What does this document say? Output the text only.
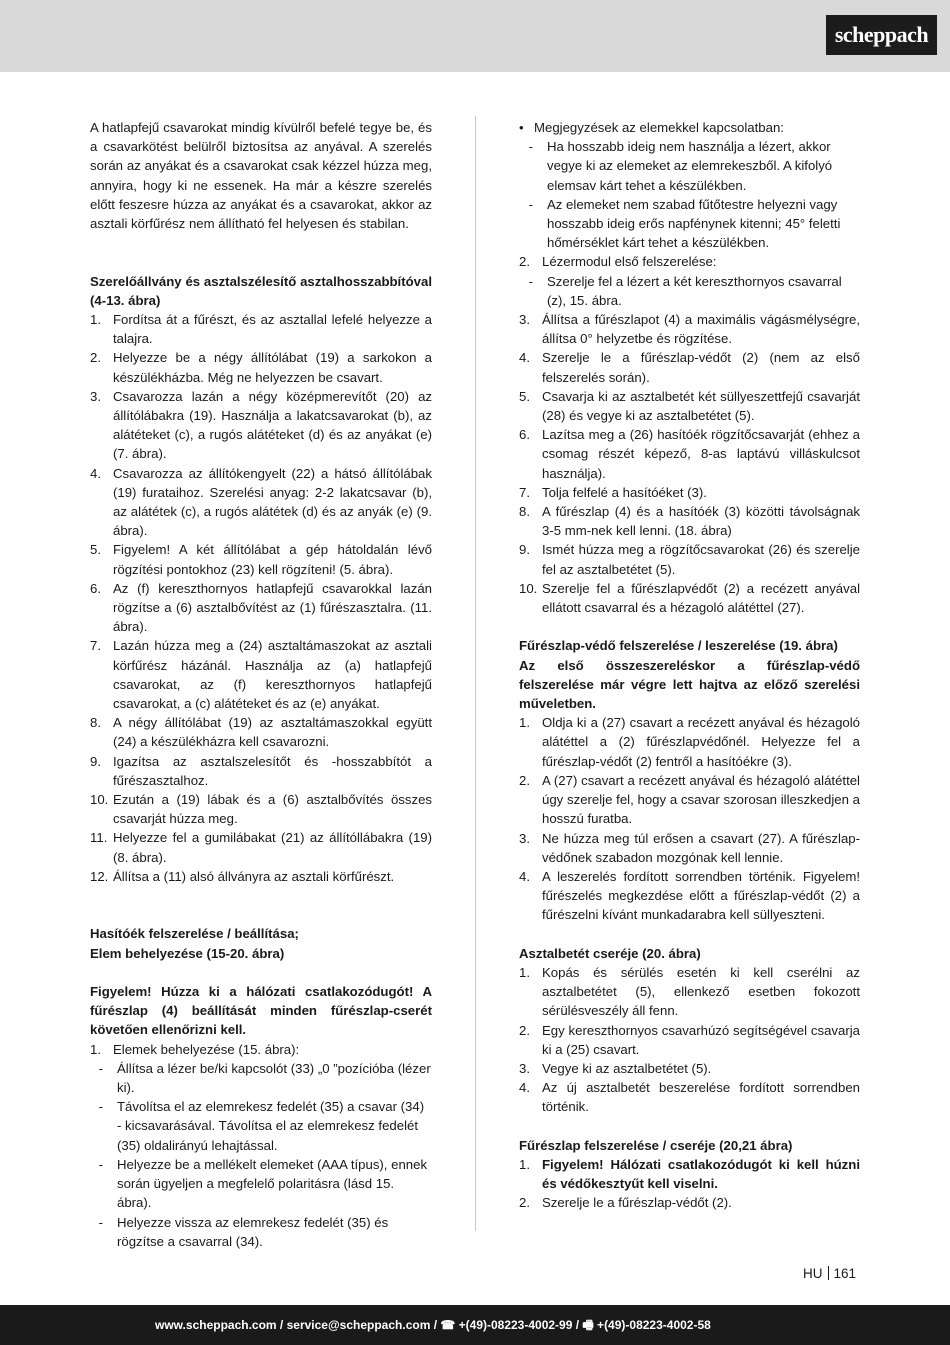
scheppach

A hatlapfejű csavarokat mindig kívülről befelé tegye be, és a csavarkötést belülről biztosítsa az anyával. A szerelés során az anyákat és a csavarokat csak kézzel húzza meg, annyira, hogy ki ne essenek. Ha már a készre szerelés előtt feszesre húzza az anyákat és a csavarokat, akkor az asztali körfűrész nem állítható fel helyesen és stabilan.

Szerelőállvány és asztalszélesítő asztalhosszabbítóval (4-13. ábra)

1. Fordítsa át a fűrészt, és az asztallal lefelé helyezze a talajra.
2. Helyezze be a négy állítólábat (19) a sarkokon a készülékházba. Még ne helyezzen be csavart.
3. Csavarozza lazán a négy középmerevítőt (20) az állítólábakra (19). Használja a lakatcsavarokat (b), az alátéteket (c), a rugós alátéteket (d) és az anyákat (e) (7. ábra).
4. Csavarozza az állítókengyelt (22) a hátsó állítólábak (19) furataihoz. Szerelési anyag: 2-2 lakatcsavar (b), az alátétek (c), a rugós alátétek (d) és az anyák (e) (9. ábra).
5. Figyelem! A két állítólábat a gép hátoldalán lévő rögzítési pontokhoz (23) kell rögzíteni! (5. ábra).
6. Az (f) kereszthornyos hatlapfejű csavarokkal lazán rögzítse a (6) asztalbővítést az (1) fűrészasztalra. (11. ábra).
7. Lazán húzza meg a (24) asztaltámaszokat az asztali körfűrész házánál. Használja az (a) hatlapfejű csavarokat, az (f) kereszthornyos hatlapfejű csavarokat, a (c) alátéteket és az (e) anyákat.
8. A négy állítólábat (19) az asztaltámaszokkal együtt (24) a készülékházra kell csavarozni.
9. Igazítsa az asztalszelesítőt és -hosszabbítót a fűrészasztalhoz.
10. Ezután a (19) lábak és a (6) asztalbővítés összes csavarját húzza meg.
11. Helyezze fel a gumilábakat (21) az állítóllábakra (19) (8. ábra).
12. Állítsa a (11) alsó állványra az asztali körfűrészt.

Hasítóék felszerelése / beállítása;
Elem behelyezése (15-20. ábra)

Figyelem! Húzza ki a hálózati csatlakozódugót! A fűrészlap (4) beállítását minden fűrészlap-cserét követően ellenőrizni kell.

1. Elemek behelyezése (15. ábra):
-	Állítsa a lézer be/ki kapcsolót (33) „0 ”pozícióba (lézer ki).
-	Távolítsa el az elemrekesz fedelét (35) a csavar (34) - kicsavarásával. Távolítsa el az elemrekesz fedelét (35) oldalirányú lehajtással.
-	Helyezze be a mellékelt elemeket (AAA típus), ennek során ügyeljen a megfelelő polaritásra (lásd 15. ábra).
-	Helyezze vissza az elemrekesz fedelét (35) és rögzítse a csavarral (34).
• Megjegyzések az elemekkel kapcsolatban:
-	Ha hosszabb ideig nem használja a lézert, akkor vegye ki az elemeket az elemrekeszből. A kifolyó elemsav kárt tehet a készülékben.
-	Az elemeket nem szabad fűtőtestre helyezni vagy hosszabb ideig erős napfénynek kitenni; 45° feletti hőmérséklet kárt tehet a készülékben.
2. Lézermodul első felszerelése:
-	Szerelje fel a lézert a két kereszthornyos csavarral (z), 15. ábra.
3. Állítsa a fűrészlapot (4) a maximális vágásmélységre, állítsa 0° helyzetbe és rögzítése.
4. Szerelje le a fűrészlap-védőt (2) (nem az első felszerelés során).
5. Csavarja ki az asztalbetét két süllyeszettfejű csavarját (28) és vegye ki az asztalbetétet (5).
6. Lazítsa meg a (26) hasítóék rögzítőcsavarját (ehhez a csomag részét képező, 8-as laptávú villáskulcsot használja).
7. Tolja felfelé a hasítóéket (3).
8. A fűrészlap (4) és a hasítóék (3) közötti távolságnak 3-5 mm-nek kell lenni. (18. ábra)
9. Ismét húzza meg a rögzítőcsavarokat (26) és szerelje fel az asztalbetétet (5).
10. Szerelje fel a fűrészlapvédőt (2) a recézett anyával ellátott csavarral és a hézagoló alátéttel (27).

Fűrészlap-védő felszerelése / leszerelése (19. ábra)

Az első összeszereléskor a fűrészlap-védő felszerelése már végre lett hajtva az előző szerelési műveletben.

1. Oldja ki a (27) csavart a recézett anyával és hézagoló alátéttel a (2) fűrészlapvédőnél. Helyezze fel a fűrészlap-védőt (2) fentről a hasítóékre (3).
2. A (27) csavart a recézett anyával és hézagoló alátéttel úgy szerelje fel, hogy a csavar szorosan illeszkedjen a hosszú furatba.
3. Ne húzza meg túl erősen a csavart (27). A fűrészlap-védőnek szabadon mozgónak kell lennie.
4. A leszerelés fordított sorrendben történik. Figyelem! fűrészelés megkezdése előtt a fűrészlap-védőt (2) a fűrészelni kívánt munkadarabra kell süllyeszteni.

Asztalbetét cseréje (20. ábra)

1. Kopás és sérülés esetén ki kell cserélni az asztalbetétet (5), ellenkező esetben fokozott sérülésveszély áll fenn.
2. Egy kereszthornyos csavarhúzó segítségével csavarja ki a (25) csavart.
3. Vegye ki az asztalbetétet (5).
4. Az új asztalbetét beszerelése fordított sorrendben történik.

Fűrészlap felszerelése / cseréje (20,21 ábra)

1. Figyelem! Hálózati csatlakozódugót ki kell húzni és védőkesztyűt kell viselni.
2. Szerelje le a fűrészlap-védőt (2).
HU 161
www.scheppach.com / service@scheppach.com / ☎ +(49)-08223-4002-99 / 🖷 +(49)-08223-4002-58
